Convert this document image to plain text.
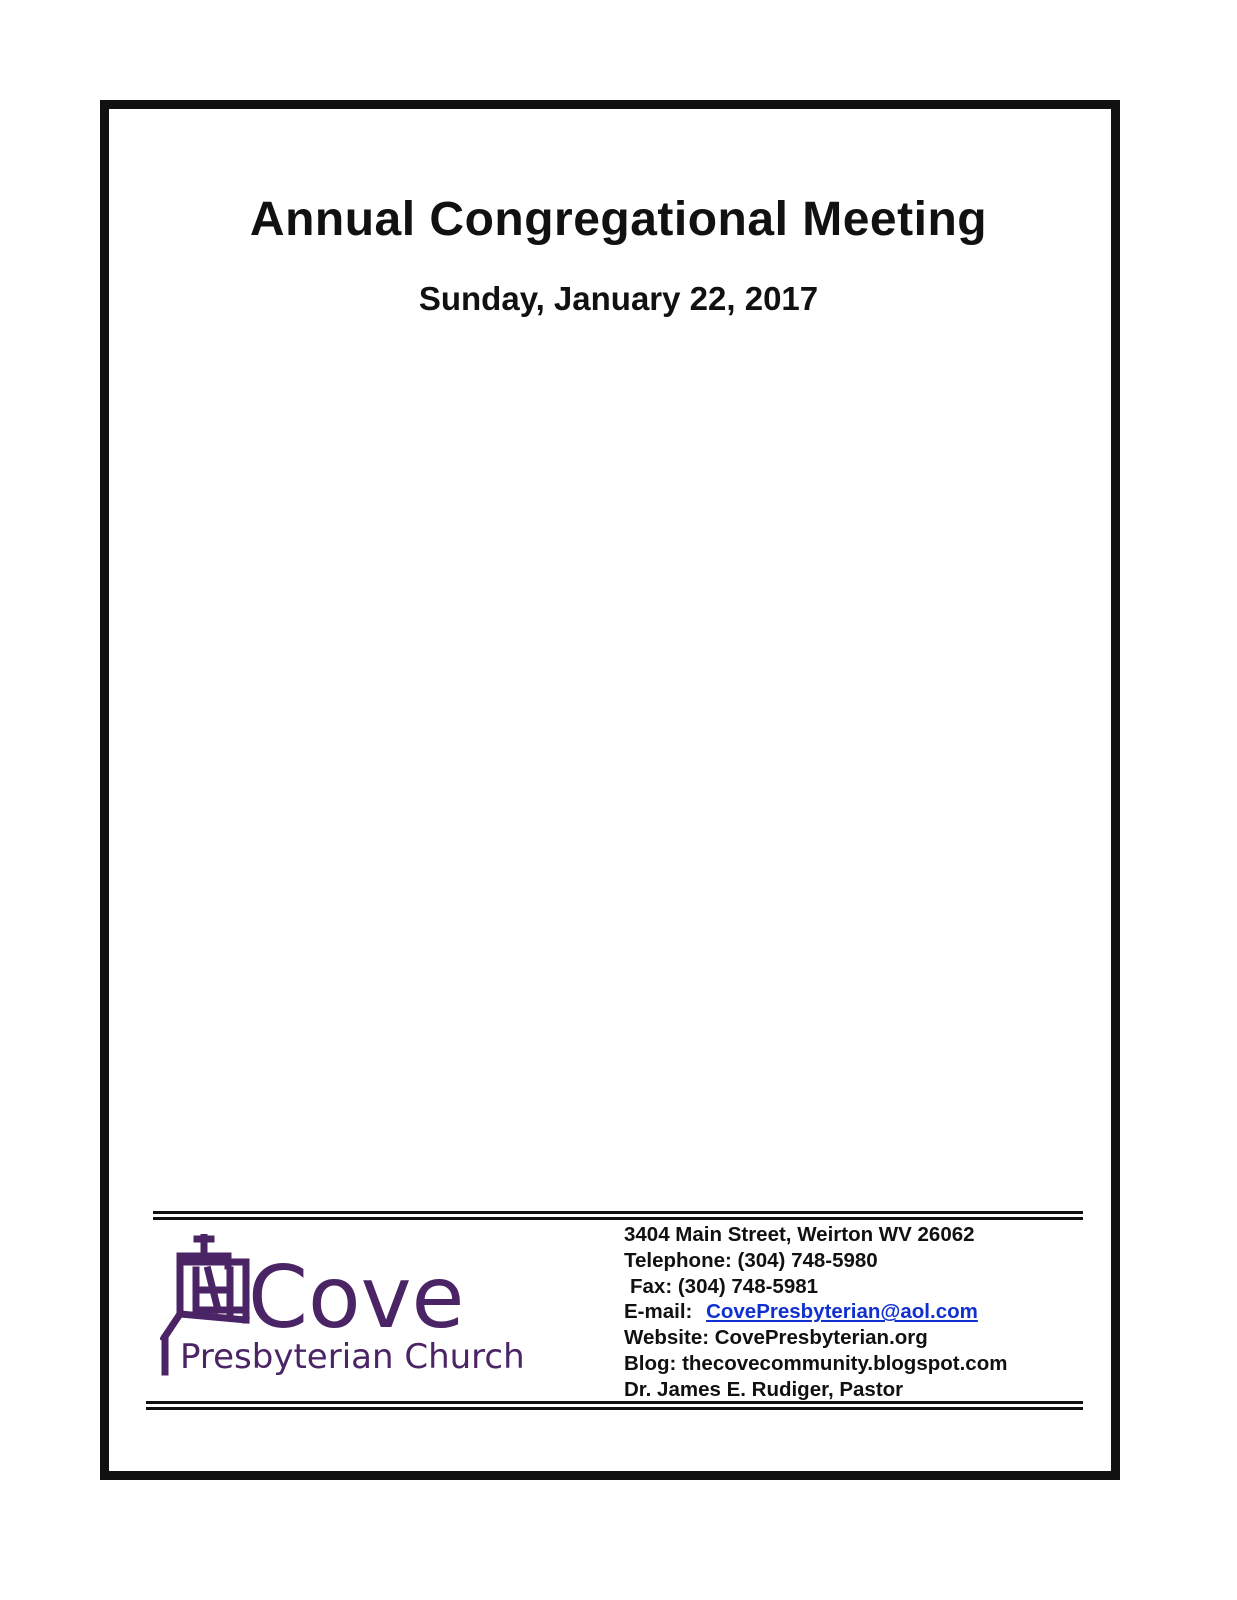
Annual Congregational Meeting
Sunday, January 22, 2017
Cove
Presbyterian Church
3404 Main Street, Weirton WV 26062
Telephone: (304) 748-5980
Fax: (304) 748-5981
E-mail: CovePresbyterian@aol.com
Website: CovePresbyterian.org
Blog: thecovecommunity.blogspot.com
Dr. James E. Rudiger, Pastor
